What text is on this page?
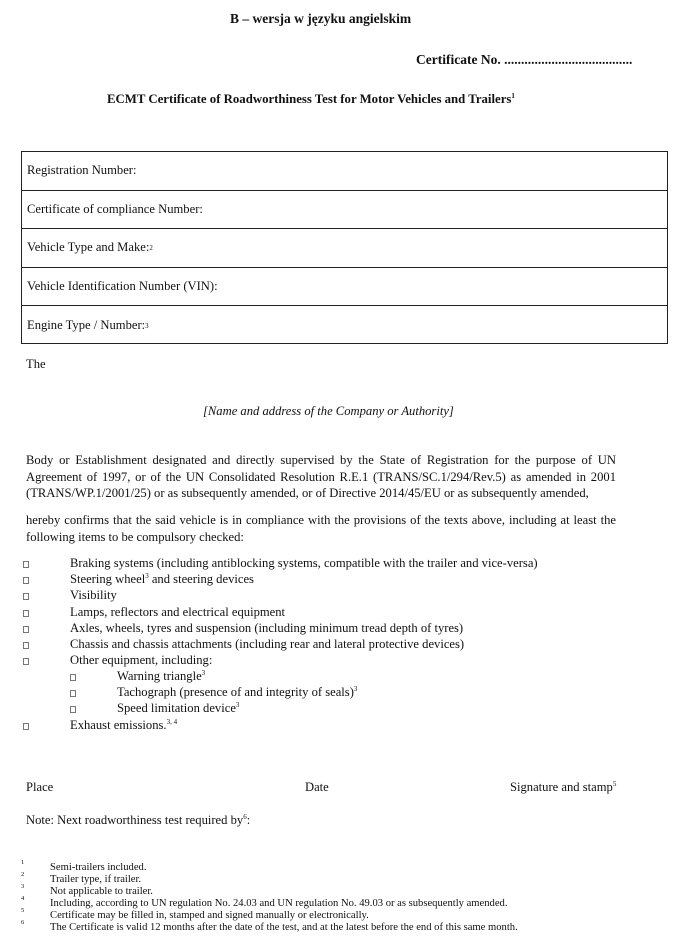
B – wersja w języku angielskim
Certificate No. ......................................
ECMT Certificate of Roadworthiness Test for Motor Vehicles and Trailers$^1$
Registration Number:
Certificate of compliance Number:
Vehicle Type and Make: 2
Vehicle Identification Number (VIN):
Engine Type / Number: 3
The
[Name and address of the Company or Authority]
Body or Establishment designated and directly supervised by the State of Registration for the purpose of UN Agreement of 1997, or of the UN Consolidated Resolution R.E.1 (TRANS/SC.1/294/Rev.5) as amended in 2001 (TRANS/WP.1/2001/25) or as subsequently amended, or of Directive 2014/45/EU or as subsequently amended,
hereby confirms that the said vehicle is in compliance with the provisions of the texts above, including at least the following items to be compulsory checked:
Braking systems (including antiblocking systems, compatible with the trailer and vice-versa)
Steering wheel$^3$ and steering devices
Visibility
Lamps, reflectors and electrical equipment
Axles, wheels, tyres and suspension (including minimum tread depth of tyres)
Chassis and chassis attachments (including rear and lateral protective devices)
Other equipment, including:
Warning triangle$^3$
Tachograph (presence of and integrity of seals)$^3$
Speed limitation device$^3$
Exhaust emissions.$^{3, 4}$
Place	Date	Signature and stamp$^5$
Note: Next roadworthiness test required $by^6$:
1 Semi-trailers included.
2 Trailer type, if trailer.
3 Not applicable to trailer.
4 Including, according to UN regulation No. 24.03 and UN regulation No. 49.03 or as subsequently amended.
5 Certificate may be filled in, stamped and signed manually or electronically.
6 The Certificate is valid 12 months after the date of the test, and at the latest before the end of this same month.
